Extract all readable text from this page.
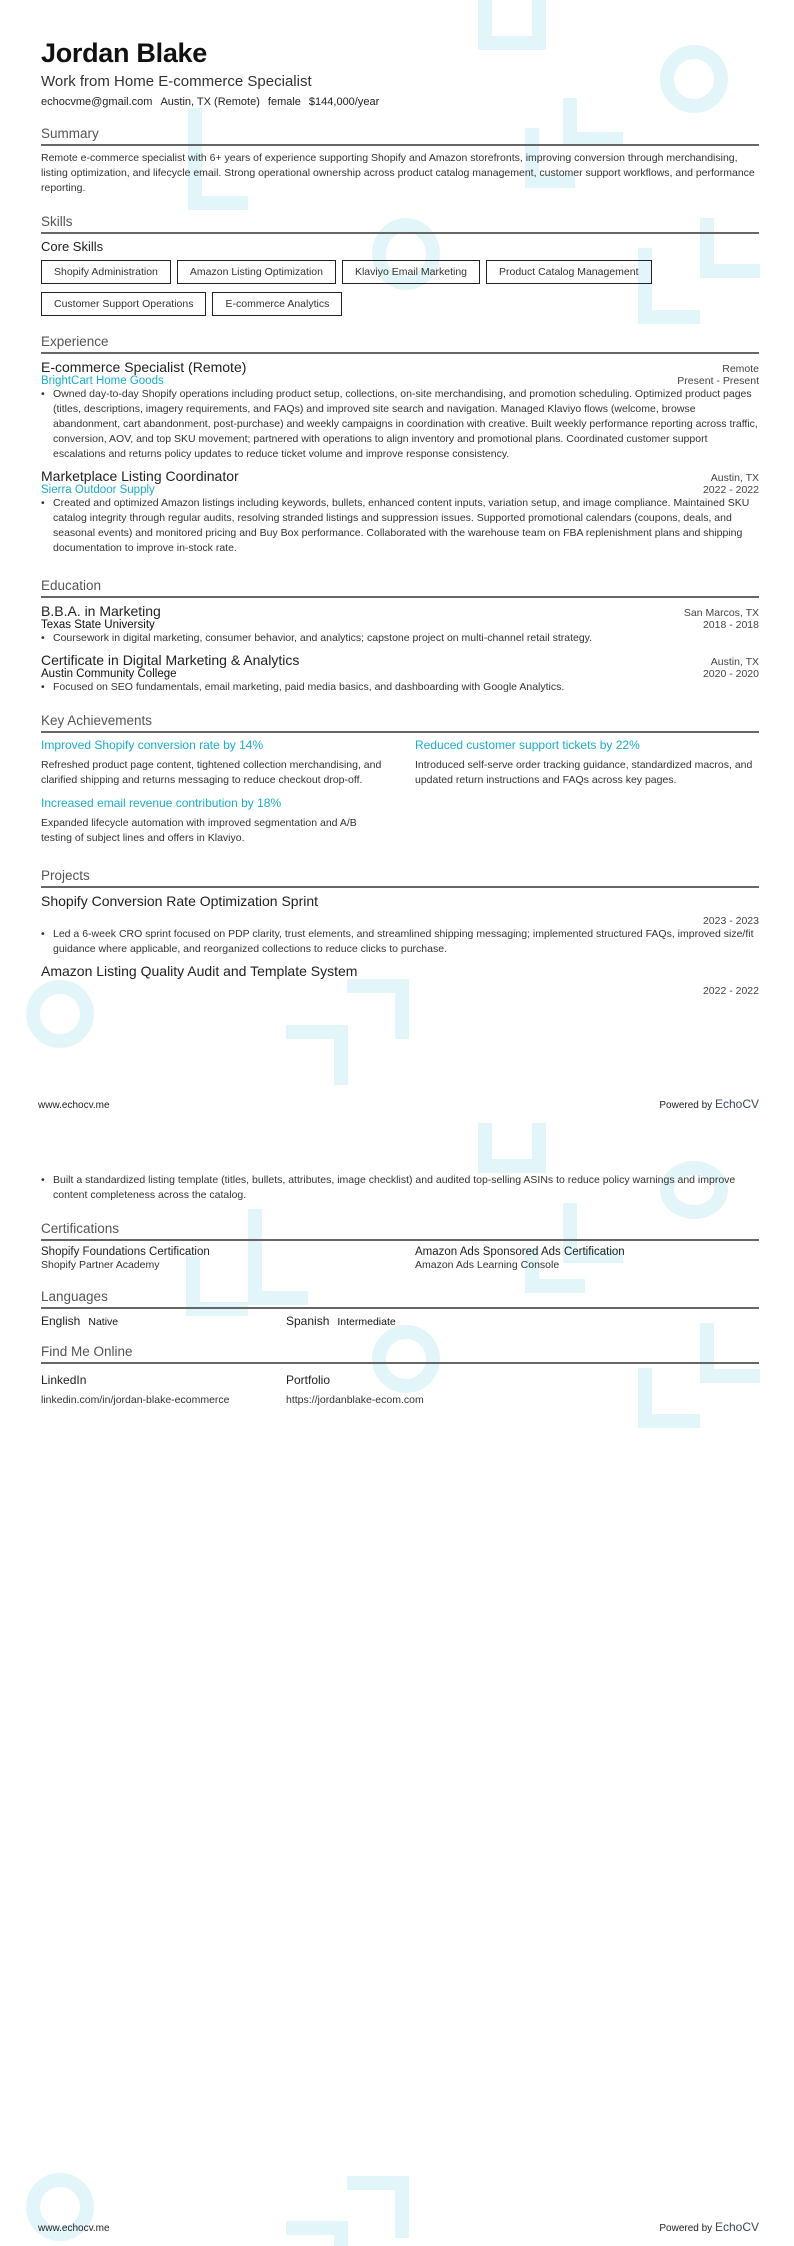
Jordan Blake
Work from Home E-commerce Specialist
echocvme@gmail.com Austin, TX (Remote) female $144,000/year
Summary

Remote e-commerce specialist with 6+ years of experience supporting Shopify and Amazon storefronts, improving conversion through merchandising, listing optimization, and lifecycle email. Strong operational ownership across product catalog management, customer support workflows, and performance reporting.

Skills
Core Skills
Shopify Administration	Amazon Listing Optimization	Klaviyo Email Marketing	Product Catalog Management
Customer Support Operations	E-commerce Analytics
Experience
E-commerce Specialist (Remote)	Remote
BrightCart Home Goods	Present - Present
• Owned day-to-day Shopify operations including product setup, collections, on-site merchandising, and promotion scheduling. Optimized product pages (titles, descriptions, imagery requirements, and FAQs) and improved site search and navigation. Managed Klaviyo flows (welcome, browse abandonment, cart abandonment, post-purchase) and weekly campaigns in coordination with creative. Built weekly performance reporting across traffic, conversion, AOV, and top SKU movement; partnered with operations to align inventory and promotional plans. Coordinated customer support escalations and returns policy updates to reduce ticket volume and improve response consistency.
Marketplace Listing Coordinator	Austin, TX
Sierra Outdoor Supply	2022 - 2022
• Created and optimized Amazon listings including keywords, bullets, enhanced content inputs, variation setup, and image compliance. Maintained SKU catalog integrity through regular audits, resolving stranded listings and suppression issues. Supported promotional calendars (coupons, deals, and seasonal events) and monitored pricing and Buy Box performance. Collaborated with the warehouse team on FBA replenishment plans and shipping documentation to improve in-stock rate.
Education
B.B.A. in Marketing	San Marcos, TX
Texas State University	2018 - 2018
• Coursework in digital marketing, consumer behavior, and analytics; capstone project on multi-channel retail strategy.
Certificate in Digital Marketing & Analytics	Austin, TX
Austin Community College	2020 - 2020
• Focused on SEO fundamentals, email marketing, paid media basics, and dashboarding with Google Analytics.
Key Achievements
Improved Shopify conversion rate by 14%
Refreshed product page content, tightened collection merchandising, and clarified shipping and returns messaging to reduce checkout drop-off.
Reduced customer support tickets by 22%
Introduced self-serve order tracking guidance, standardized macros, and updated return instructions and FAQs across key pages.
Increased email revenue contribution by 18%
Expanded lifecycle automation with improved segmentation and A/B testing of subject lines and offers in Klaviyo.
Projects
Shopify Conversion Rate Optimization Sprint
2023 - 2023
• Led a 6-week CRO sprint focused on PDP clarity, trust elements, and streamlined shipping messaging; implemented structured FAQs, improved size/fit guidance where applicable, and reorganized collections to reduce clicks to purchase.
Amazon Listing Quality Audit and Template System
2022 - 2022
www.echocv.me	Powered by EchoCV
• Built a standardized listing template (titles, bullets, attributes, image checklist) and audited top-selling ASINs to reduce policy warnings and improve content completeness across the catalog.
Certifications
Shopify Foundations Certification
Shopify Partner Academy
Amazon Ads Sponsored Ads Certification
Amazon Ads Learning Console
Languages
English Native	Spanish Intermediate
Find Me Online
LinkedIn
linkedin.com/in/jordan-blake-ecommerce
Portfolio
https://jordanblake-ecom.com
www.echocv.me	Powered by EchoCV
